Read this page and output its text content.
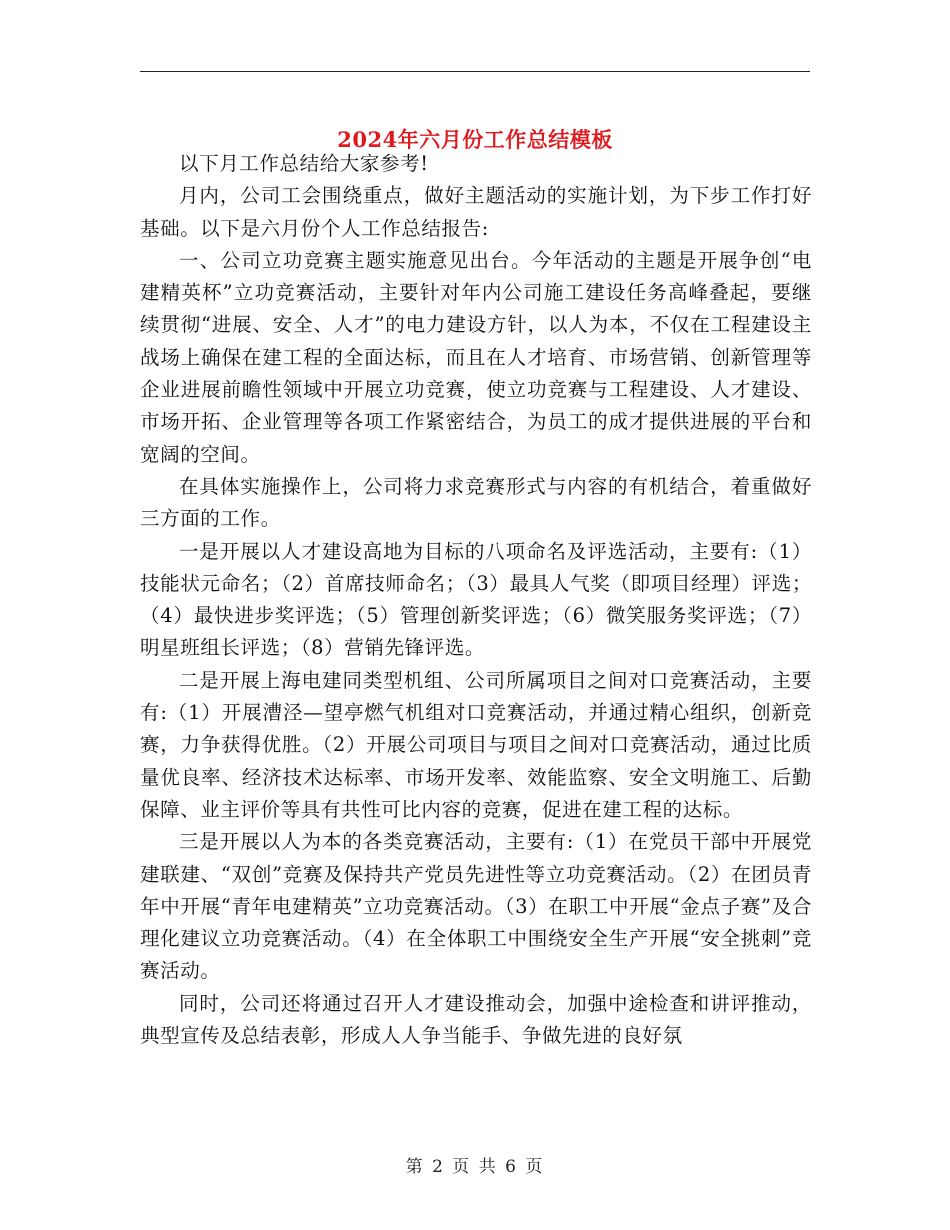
2024年六月份工作总结模板

以下月工作总结给大家参考!

月内，公司工会围绕重点，做好主题活动的实施计划，为下步工作打好基础。以下是六月份个人工作总结报告:

一、公司立功竞赛主题实施意见出台。今年活动的主题是开展争创“电建精英杯”立功竞赛活动，主要针对年内公司施工建设任务高峰叠起，要继续贯彻“进展、安全、人才”的电力建设方针，以人为本，不仅在工程建设主战场上确保在建工程的全面达标，而且在人才培育、市场营销、创新管理等企业进展前瞻性领域中开展立功竞赛，使立功竞赛与工程建设、人才建设、市场开拓、企业管理等各项工作紧密结合，为员工的成才提供进展的平台和宽阔的空间。

在具体实施操作上，公司将力求竞赛形式与内容的有机结合，着重做好三方面的工作。

一是开展以人才建设高地为目标的八项命名及评选活动，主要有:（1）技能状元命名；（2）首席技师命名；（3）最具人气奖（即项目经理）评选；（4）最快进步奖评选；（5）管理创新奖评选；（6）微笑服务奖评选；（7）明星班组长评选；（8）营销先锋评选。

二是开展上海电建同类型机组、公司所属项目之间对口竞赛活动，主要有:（1）开展漕泾—望亭燃气机组对口竞赛活动，并通过精心组织，创新竞赛，力争获得优胜。（2）开展公司项目与项目之间对口竞赛活动，通过比质量优良率、经济技术达标率、市场开发率、效能监察、安全文明施工、后勤保障、业主评价等具有共性可比内容的竞赛，促进在建工程的达标。

三是开展以人为本的各类竞赛活动，主要有:（1）在党员干部中开展党建联建、“双创”竞赛及保持共产党员先进性等立功竞赛活动。（2）在团员青年中开展“青年电建精英”立功竞赛活动。（3）在职工中开展“金点子赛”及合理化建议立功竞赛活动。（4）在全体职工中围绕安全生产开展“安全挑刺”竞赛活动。

同时，公司还将通过召开人才建设推动会，加强中途检查和讲评推动，典型宣传及总结表彰，形成人人争当能手、争做先进的良好氛

第 2 页 共 6 页
